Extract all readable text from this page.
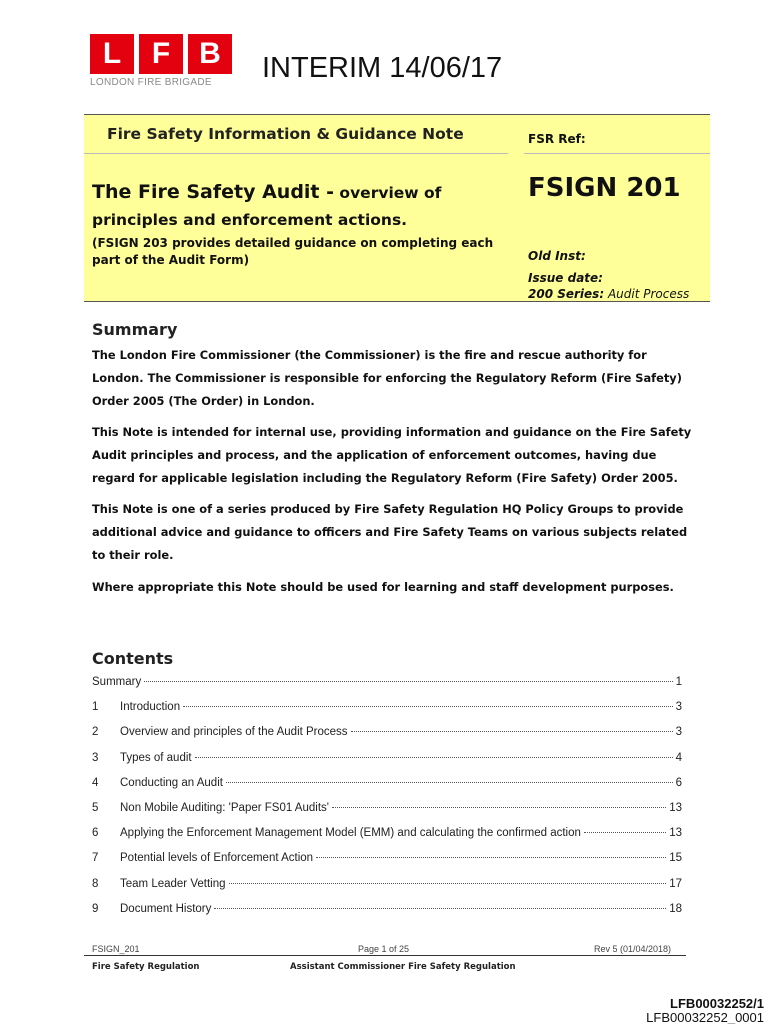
L	F B
LONDON FIRE BRIGADE	INTERIM 14/06/17
Fire Safety Information & Guidance Note
The Fire Safety Audit - overview of
principles and enforcement actions.
(FSIGN 203 provides detailed guidance on completing each part of the Audit Form)
FSR Ref:
FSIGN 201
Old Inst:
Issue date:
200 Series: Audit Process
Summary
The London Fire Commissioner (the Commissioner) is the fire and rescue authority for London. The Commissioner is responsible for enforcing the Regulatory Reform (Fire Safety) Order 2005 (The Order) in London.
This Note is intended for internal use, providing information and guidance on the Fire Safety Audit principles and process, and the application of enforcement outcomes, having due regard for applicable legislation including the Regulatory Reform (Fire Safety) Order 2005.
This Note is one of a series produced by Fire Safety Regulation HQ Policy Groups to provide additional advice and guidance to officers and Fire Safety Teams on various subjects related to their role.
Where appropriate this Note should be used for learning and staff development purposes.
Contents
Summary	1
1	Introduction	3
2	Overview and principles of the Audit Process	3
3	Types of audit	4
4	Conducting an Audit	6
5	Non Mobile Auditing: 'Paper FS01 Audits'	13
6	Applying the Enforcement Management Model (EMM) and calculating the confirmed action	13
7	Potential levels of Enforcement Action	15
8	Team Leader Vetting	17
9	Document History	18
FSIGN_201	Page 1 of 25	Rev 5 (01/04/2018)
Fire Safety Regulation	Assistant Commissioner Fire Safety Regulation
LFB00032252/1
LFB00032252_0001
